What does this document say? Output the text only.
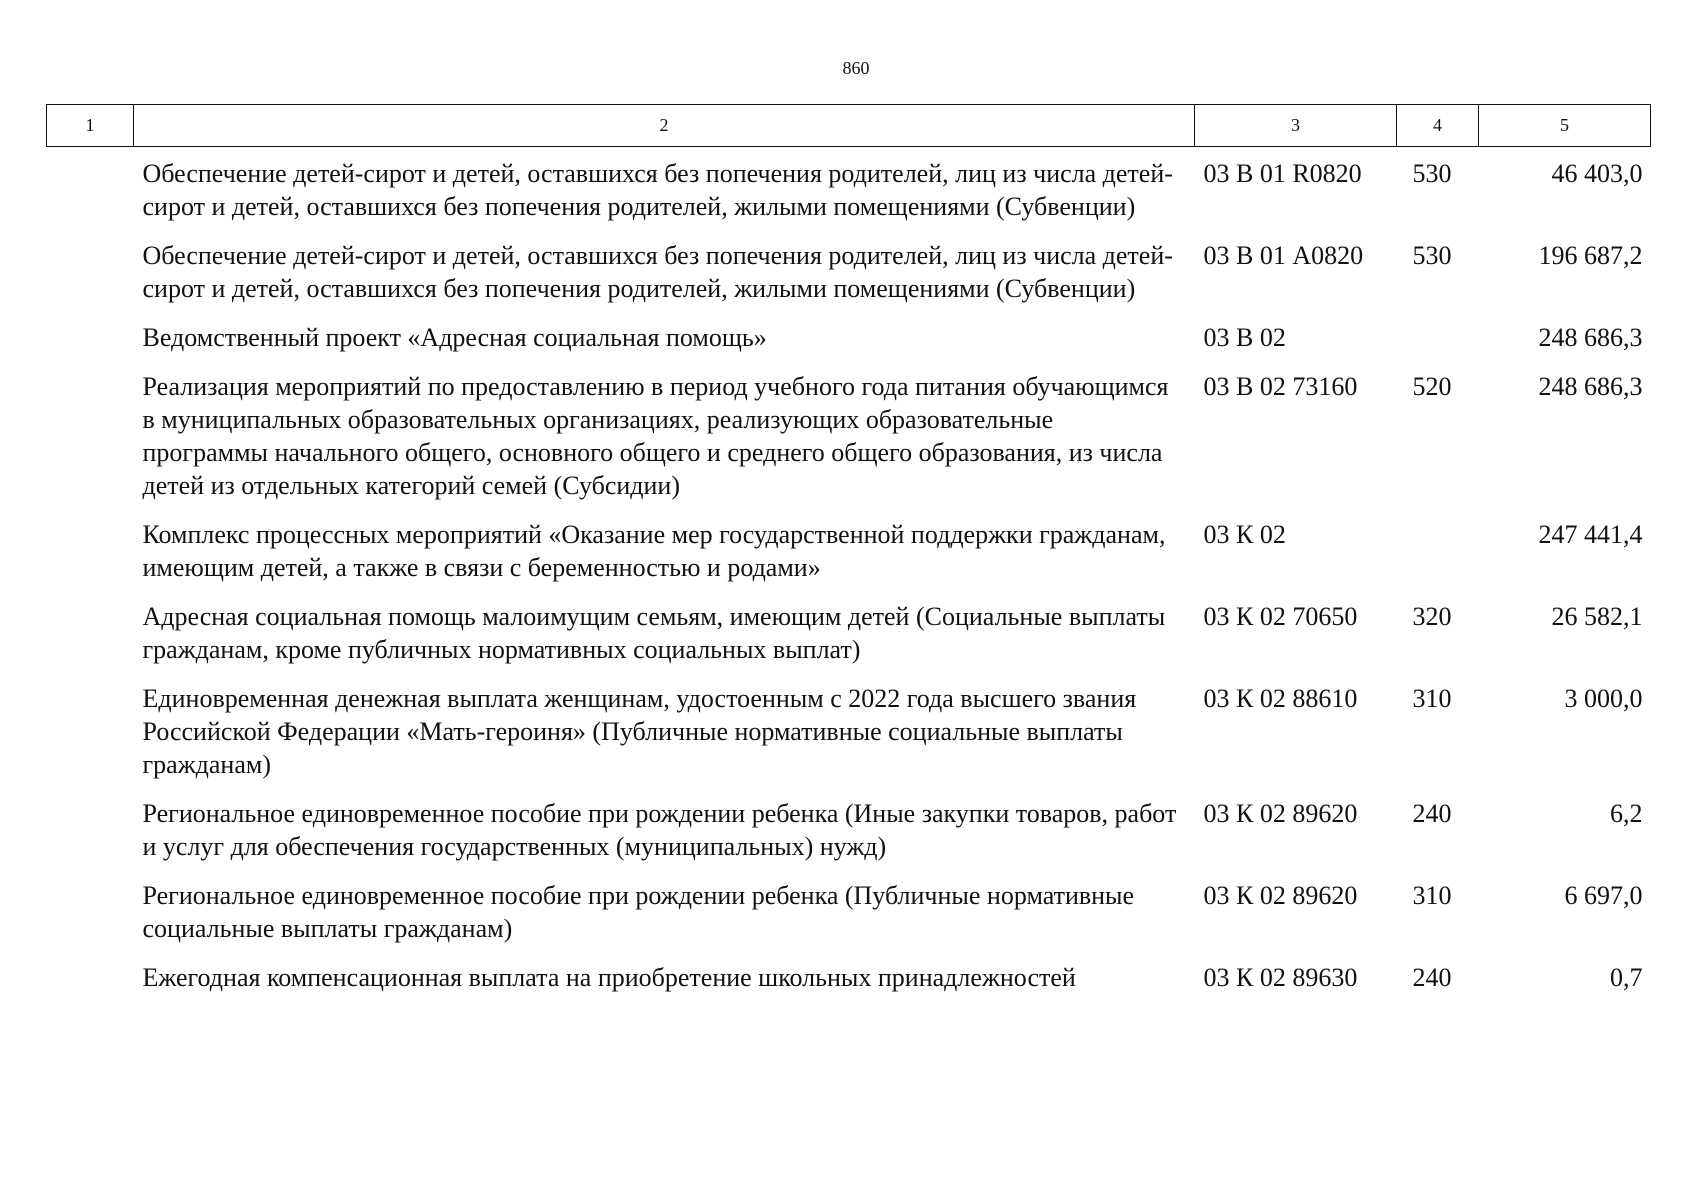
860
1	2	3	4	5
	Обеспечение детей-сирот и детей, оставшихся без попечения родителей, лиц из числа детей-сирот и детей, оставшихся без попечения родителей, жилыми помещениями (Субвенции)	03 В 01 R0820	530	46 403,0
	Обеспечение детей-сирот и детей, оставшихся без попечения родителей, лиц из числа детей-сирот и детей, оставшихся без попечения родителей, жилыми помещениями (Субвенции)	03 В 01 А0820	530	196 687,2
	Ведомственный проект «Адресная социальная помощь»	03 В 02		248 686,3
	Реализация мероприятий по предоставлению в период учебного года питания обучающимся в муниципальных образовательных организациях, реализующих образовательные программы начального общего, основного общего и среднего общего образования, из числа детей из отдельных категорий семей (Субсидии)	03 В 02 73160	520	248 686,3
	Комплекс процессных мероприятий «Оказание мер государственной поддержки гражданам, имеющим детей, а также в связи с беременностью и родами»	03 К 02		247 441,4
	Адресная социальная помощь малоимущим семьям, имеющим детей (Социальные выплаты гражданам, кроме публичных нормативных социальных выплат)	03 К 02 70650	320	26 582,1
	Единовременная денежная выплата женщинам, удостоенным с 2022 года высшего звания Российской Федерации «Мать-героиня» (Публичные нормативные социальные выплаты гражданам)	03 К 02 88610	310	3 000,0
	Региональное единовременное пособие при рождении ребенка (Иные закупки товаров, работ и услуг для обеспечения государственных (муниципальных) нужд)	03 К 02 89620	240	6,2
	Региональное единовременное пособие при рождении ребенка (Публичные нормативные социальные выплаты гражданам)	03 К 02 89620	310	6 697,0
	Ежегодная компенсационная выплата на приобретение школьных принадлежностей	03 К 02 89630	240	0,7
